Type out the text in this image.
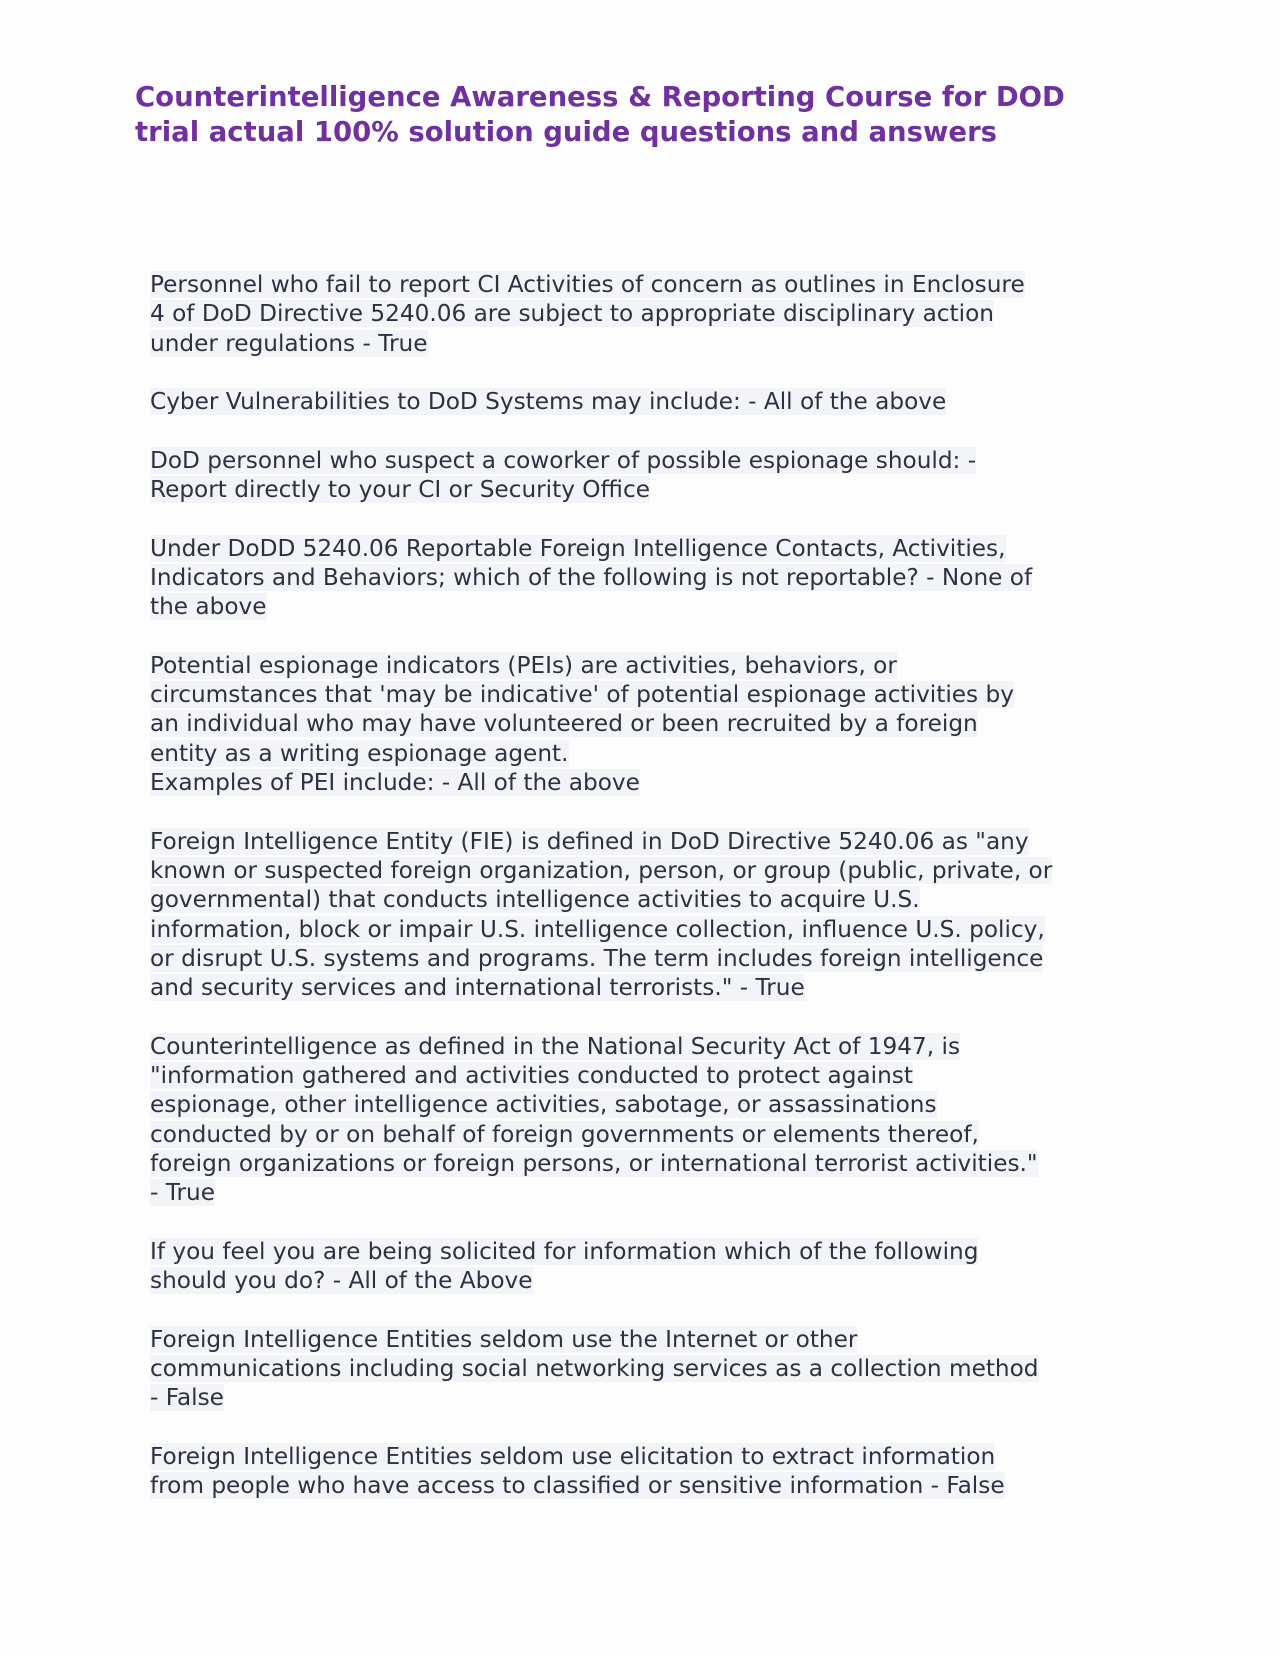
Counterintelligence Awareness & Reporting Course for DOD
trial actual 100% solution guide questions and answers
Personnel who fail to report CI Activities of concern as outlines in Enclosure
4 of DoD Directive 5240.06 are subject to appropriate disciplinary action
under regulations - True
Cyber Vulnerabilities to DoD Systems may include: - All of the above
DoD personnel who suspect a coworker of possible espionage should: -
Report directly to your CI or Security Office
Under DoDD 5240.06 Reportable Foreign Intelligence Contacts, Activities,
Indicators and Behaviors; which of the following is not reportable? - None of
the above
Potential espionage indicators (PEIs) are activities, behaviors, or
circumstances that 'may be indicative' of potential espionage activities by
an individual who may have volunteered or been recruited by a foreign
entity as a writing espionage agent.
Examples of PEI include: - All of the above
Foreign Intelligence Entity (FIE) is defined in DoD Directive 5240.06 as "any
known or suspected foreign organization, person, or group (public, private, or
governmental) that conducts intelligence activities to acquire U.S.
information, block or impair U.S. intelligence collection, influence U.S. policy,
or disrupt U.S. systems and programs. The term includes foreign intelligence
and security services and international terrorists." - True
Counterintelligence as defined in the National Security Act of 1947, is
"information gathered and activities conducted to protect against
espionage, other intelligence activities, sabotage, or assassinations
conducted by or on behalf of foreign governments or elements thereof,
foreign organizations or foreign persons, or international terrorist activities."
- True
If you feel you are being solicited for information which of the following
should you do? - All of the Above
Foreign Intelligence Entities seldom use the Internet or other
communications including social networking services as a collection method
- False
Foreign Intelligence Entities seldom use elicitation to extract information
from people who have access to classified or sensitive information - False
